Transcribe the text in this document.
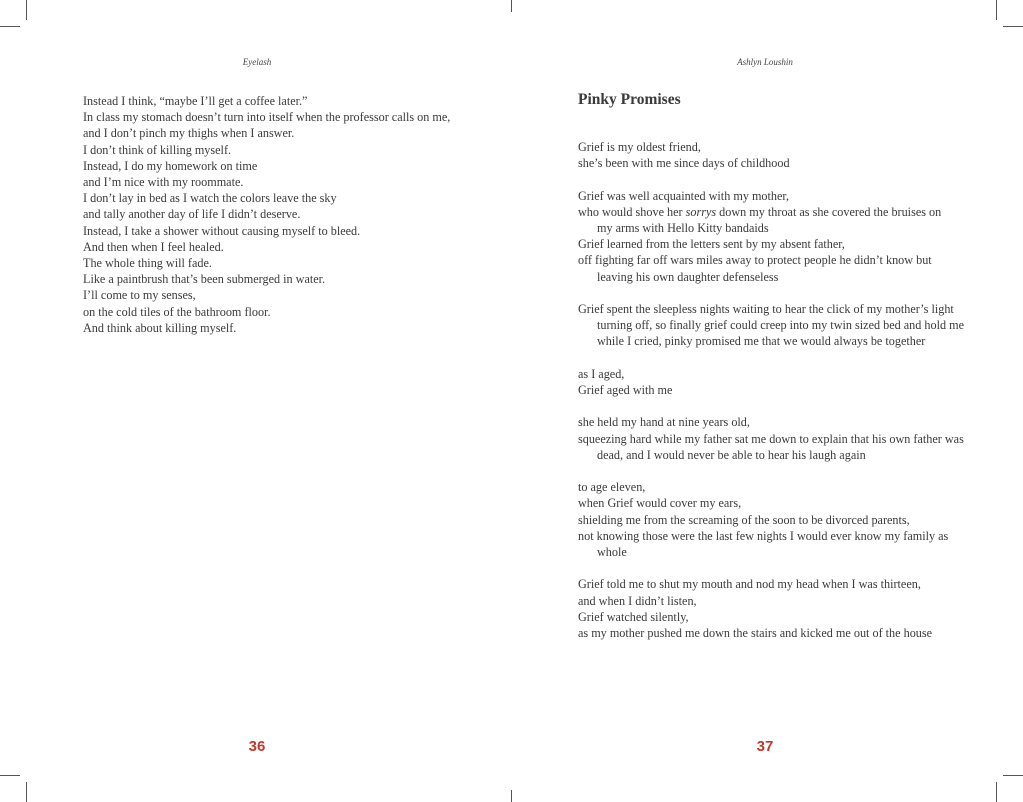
Eyelash
Instead I think, “maybe I’ll get a coffee later.”
In class my stomach doesn’t turn into itself when the professor calls on me,
and I don’t pinch my thighs when I answer.
I don’t think of killing myself.
Instead, I do my homework on time
and I’m nice with my roommate.
I don’t lay in bed as I watch the colors leave the sky
and tally another day of life I didn’t deserve.
Instead, I take a shower without causing myself to bleed.
And then when I feel healed.
The whole thing will fade.
Like a paintbrush that’s been submerged in water.
I’ll come to my senses,
on the cold tiles of the bathroom floor.
And think about killing myself.
36
Ashlyn Loushin
Pinky Promises
Grief is my oldest friend,
she’s been with me since days of childhood
Grief was well acquainted with my mother,
who would shove her sorrys down my throat as she covered the bruises on my arms with Hello Kitty bandaids
Grief learned from the letters sent by my absent father,
off fighting far off wars miles away to protect people he didn’t know but leaving his own daughter defenseless
Grief spent the sleepless nights waiting to hear the click of my mother’s light turning off, so finally grief could creep into my twin sized bed and hold me while I cried, pinky promised me that we would always be together
as I aged,
Grief aged with me
she held my hand at nine years old,
squeezing hard while my father sat me down to explain that his own father was dead, and I would never be able to hear his laugh again
to age eleven,
when Grief would cover my ears,
shielding me from the screaming of the soon to be divorced parents,
not knowing those were the last few nights I would ever know my family as whole
Grief told me to shut my mouth and nod my head when I was thirteen,
and when I didn’t listen,
Grief watched silently,
as my mother pushed me down the stairs and kicked me out of the house
37
